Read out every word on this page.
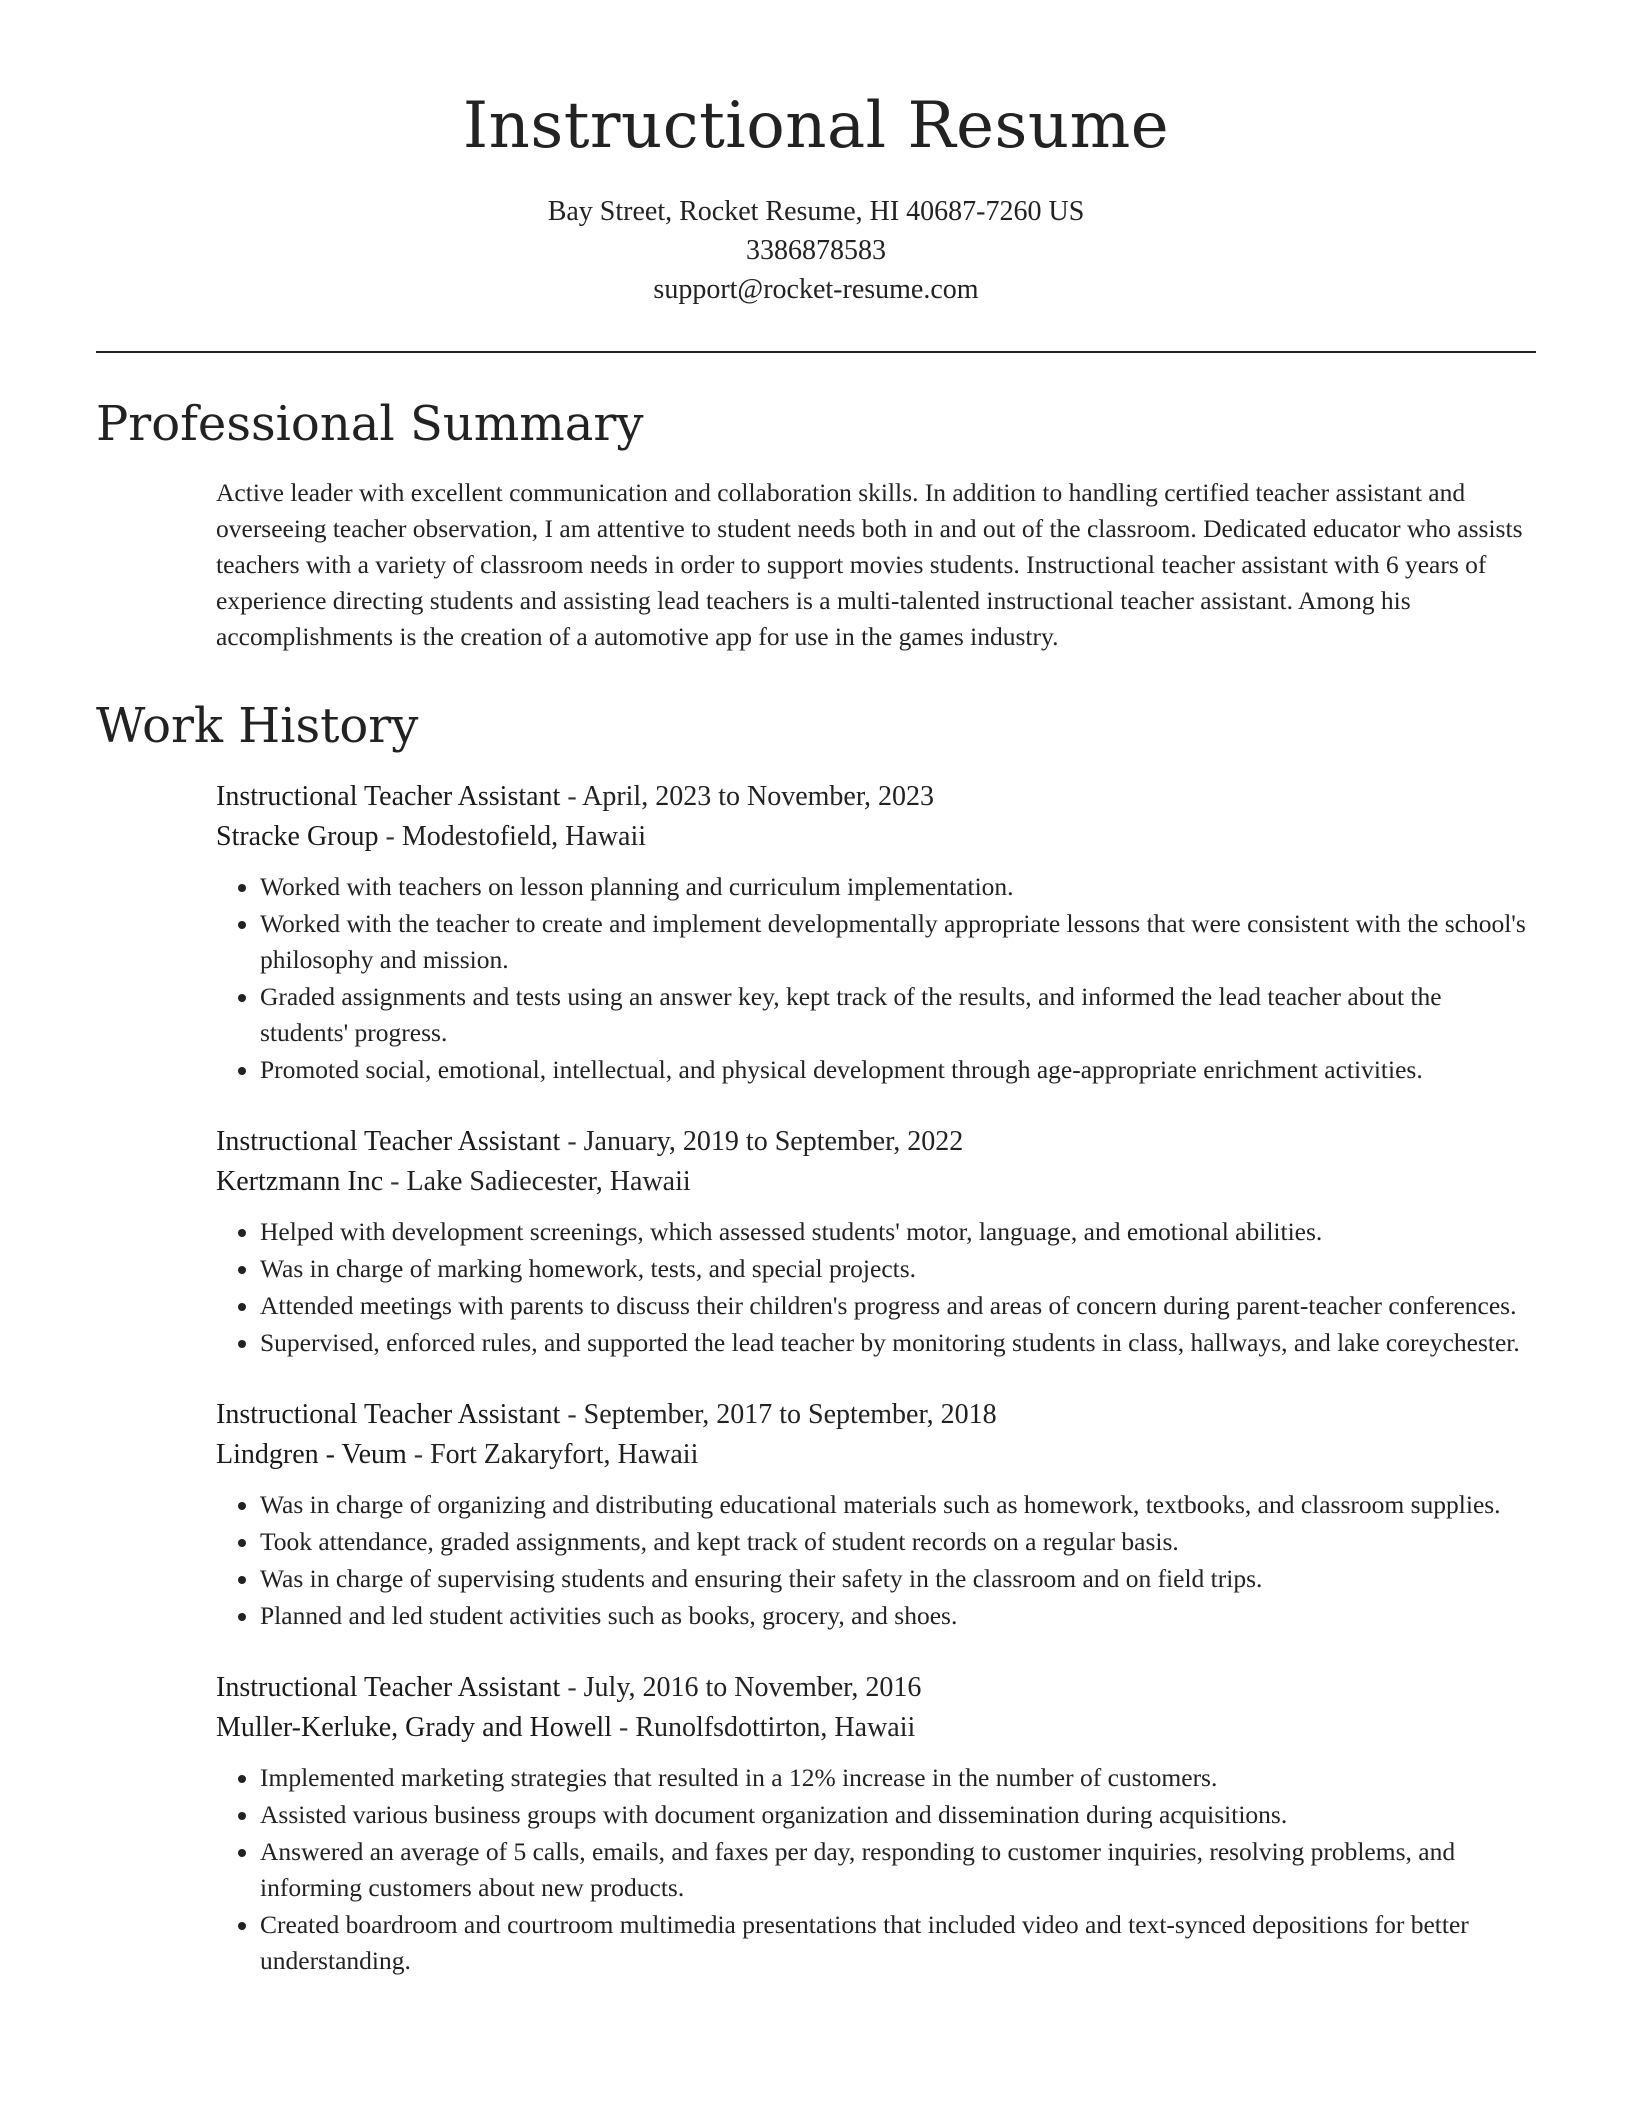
Instructional Resume
Bay Street, Rocket Resume, HI 40687-7260 US
3386878583
support@rocket-resume.com
Professional Summary

Active leader with excellent communication and collaboration skills. In addition to handling certified teacher assistant and overseeing teacher observation, I am attentive to student needs both in and out of the classroom. Dedicated educator who assists teachers with a variety of classroom needs in order to support movies students. Instructional teacher assistant with 6 years of experience directing students and assisting lead teachers is a multi-talented instructional teacher assistant. Among his accomplishments is the creation of a automotive app for use in the games industry.

Work History
Instructional Teacher Assistant - April, 2023 to November, 2023
Stracke Group - Modestofield, Hawaii
• Worked with teachers on lesson planning and curriculum implementation.
• Worked with the teacher to create and implement developmentally appropriate lessons that were consistent with the school's philosophy and mission.
• Graded assignments and tests using an answer key, kept track of the results, and informed the lead teacher about the students' progress.
• Promoted social, emotional, intellectual, and physical development through age-appropriate enrichment activities.
Instructional Teacher Assistant - January, 2019 to September, 2022
Kertzmann Inc - Lake Sadiecester, Hawaii
• Helped with development screenings, which assessed students' motor, language, and emotional abilities.
• Was in charge of marking homework, tests, and special projects.
• Attended meetings with parents to discuss their children's progress and areas of concern during parent-teacher conferences.
• Supervised, enforced rules, and supported the lead teacher by monitoring students in class, hallways, and lake coreychester.
Instructional Teacher Assistant - September, 2017 to September, 2018
Lindgren - Veum - Fort Zakaryfort, Hawaii
• Was in charge of organizing and distributing educational materials such as homework, textbooks, and classroom supplies.
• Took attendance, graded assignments, and kept track of student records on a regular basis.
• Was in charge of supervising students and ensuring their safety in the classroom and on field trips.
• Planned and led student activities such as books, grocery, and shoes.
Instructional Teacher Assistant - July, 2016 to November, 2016
Muller-Kerluke, Grady and Howell - Runolfsdottirton, Hawaii
• Implemented marketing strategies that resulted in a 12% increase in the number of customers.
• Assisted various business groups with document organization and dissemination during acquisitions.
• Answered an average of 5 calls, emails, and faxes per day, responding to customer inquiries, resolving problems, and informing customers about new products.
• Created boardroom and courtroom multimedia presentations that included video and text-synced depositions for better understanding.
